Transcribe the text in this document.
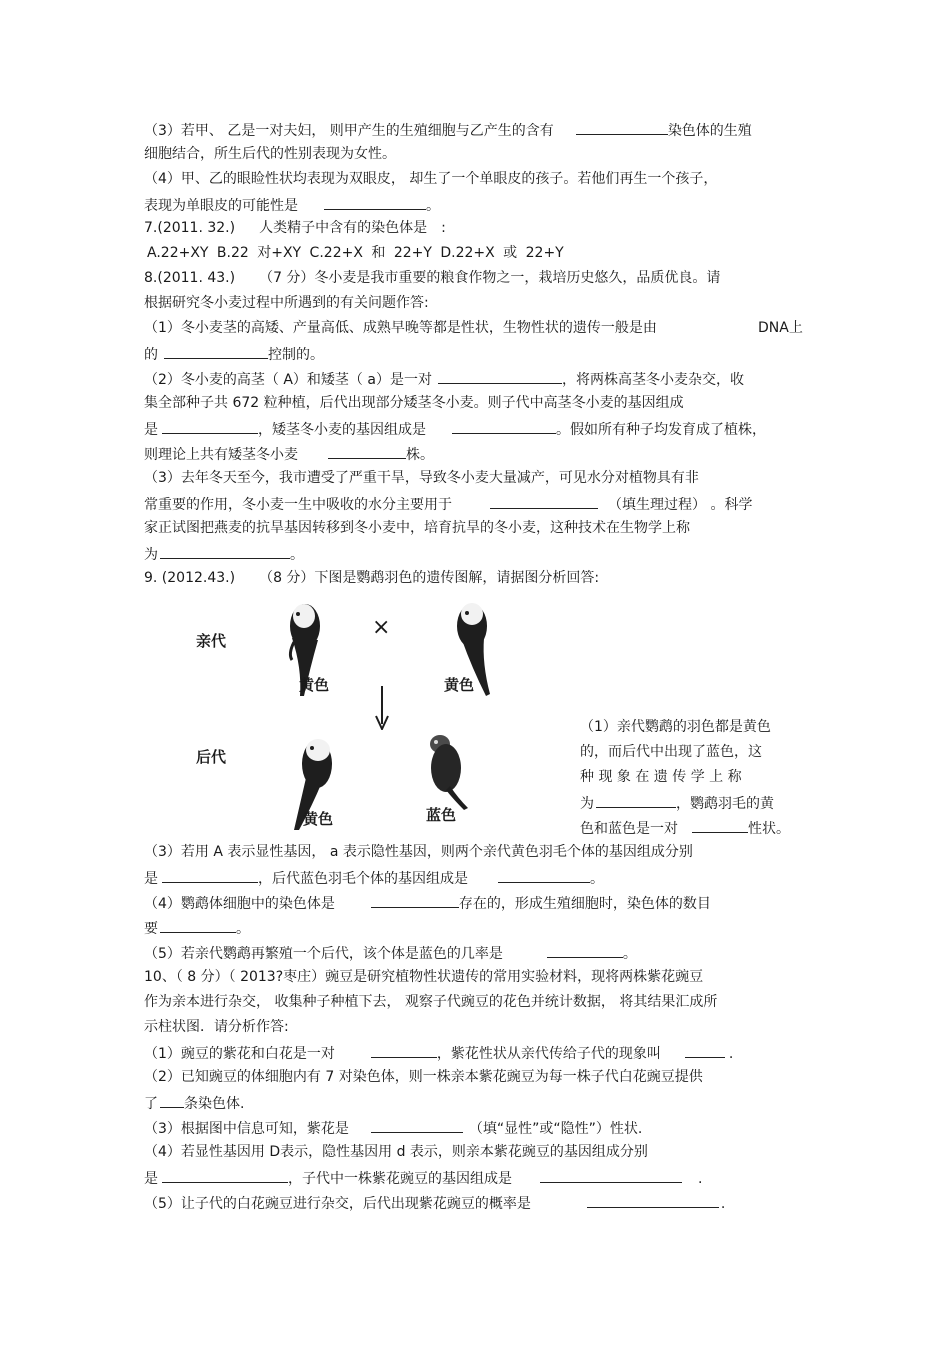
（3）若甲、 乙是一对夫妇， 则甲产生的生殖细胞与乙产生的含有	染色体的生殖
细胞结合，所生后代的性别表现为女性。
（4）甲、乙的眼睑性状均表现为双眼皮， 却生了一个单眼皮的孩子。若他们再生一个孩子，
表现为单眼皮的可能性是	。
7.(2011. 32.) 人类精子中含有的染色体是 :
A.22+XY B.22 对+XY C.22+X 和 22+Y D.22+X 或 22+Y
8.(2011. 43.) （7 分）冬小麦是我市重要的粮食作物之一，栽培历史悠久，品质优良。请
根据研究冬小麦过程中所遇到的有关问题作答:
（1）冬小麦茎的高矮、产量高低、成熟早晚等都是性状，生物性状的遗传一般是由	DNA上
的	控制的。
（2）冬小麦的高茎（ A）和矮茎（ a）是一对	，将两株高茎冬小麦杂交，收
集全部种子共 672 粒种植，后代出现部分矮茎冬小麦。则子代中高茎冬小麦的基因组成
是	，矮茎冬小麦的基因组成是	。假如所有种子均发育成了植株，
则理论上共有矮茎冬小麦	株。
（3）去年冬天至今，我市遭受了严重干旱，导致冬小麦大量减产，可见水分对植物具有非
常重要的作用，冬小麦一生中吸收的水分主要用于	（填生理过程） 。科学
家正试图把燕麦的抗旱基因转移到冬小麦中，培育抗旱的冬小麦，这种技术在生物学上称
为	。
9. (2012.43.) （8 分）下图是鹦鹉羽色的遗传图解，请据图分析回答:
亲代
后代
×
黄色	黄色
黄色	蓝色
（1）亲代鹦鹉的羽色都是黄色
的，而后代中出现了蓝色，这
种 现 象 在 遗 传 学 上 称
为	，鹦鹉羽毛的黄
色和蓝色是一对	性状。
（3）若用 A 表示显性基因， a 表示隐性基因，则两个亲代黄色羽毛个体的基因组成分别
是	，后代蓝色羽毛个体的基因组成是	。
（4）鹦鹉体细胞中的染色体是	存在的，形成生殖细胞时，染色体的数目
要	。
（5）若亲代鹦鹉再繁殖一个后代，该个体是蓝色的几率是	。
10、（ 8 分）（ 2013?枣庄）豌豆是研究植物性状遗传的常用实验材料，现将两株紫花豌豆
作为亲本进行杂交， 收集种子种植下去， 观察子代豌豆的花色并统计数据， 将其结果汇成所
示柱状图．请分析作答:
（1）豌豆的紫花和白花是一对	，紫花性状从亲代传给子代的现象叫	.
（2）已知豌豆的体细胞内有 7 对染色体，则一株亲本紫花豌豆为每一株子代白花豌豆提供
了 条染色体.
（3）根据图中信息可知，紫花是	（填“显性”或“隐性”）性状.
（4）若显性基因用 D表示，隐性基因用 d 表示，则亲本紫花豌豆的基因组成分别
是	，子代中一株紫花豌豆的基因组成是	.
（5）让子代的白花豌豆进行杂交，后代出现紫花豌豆的概率是	.
